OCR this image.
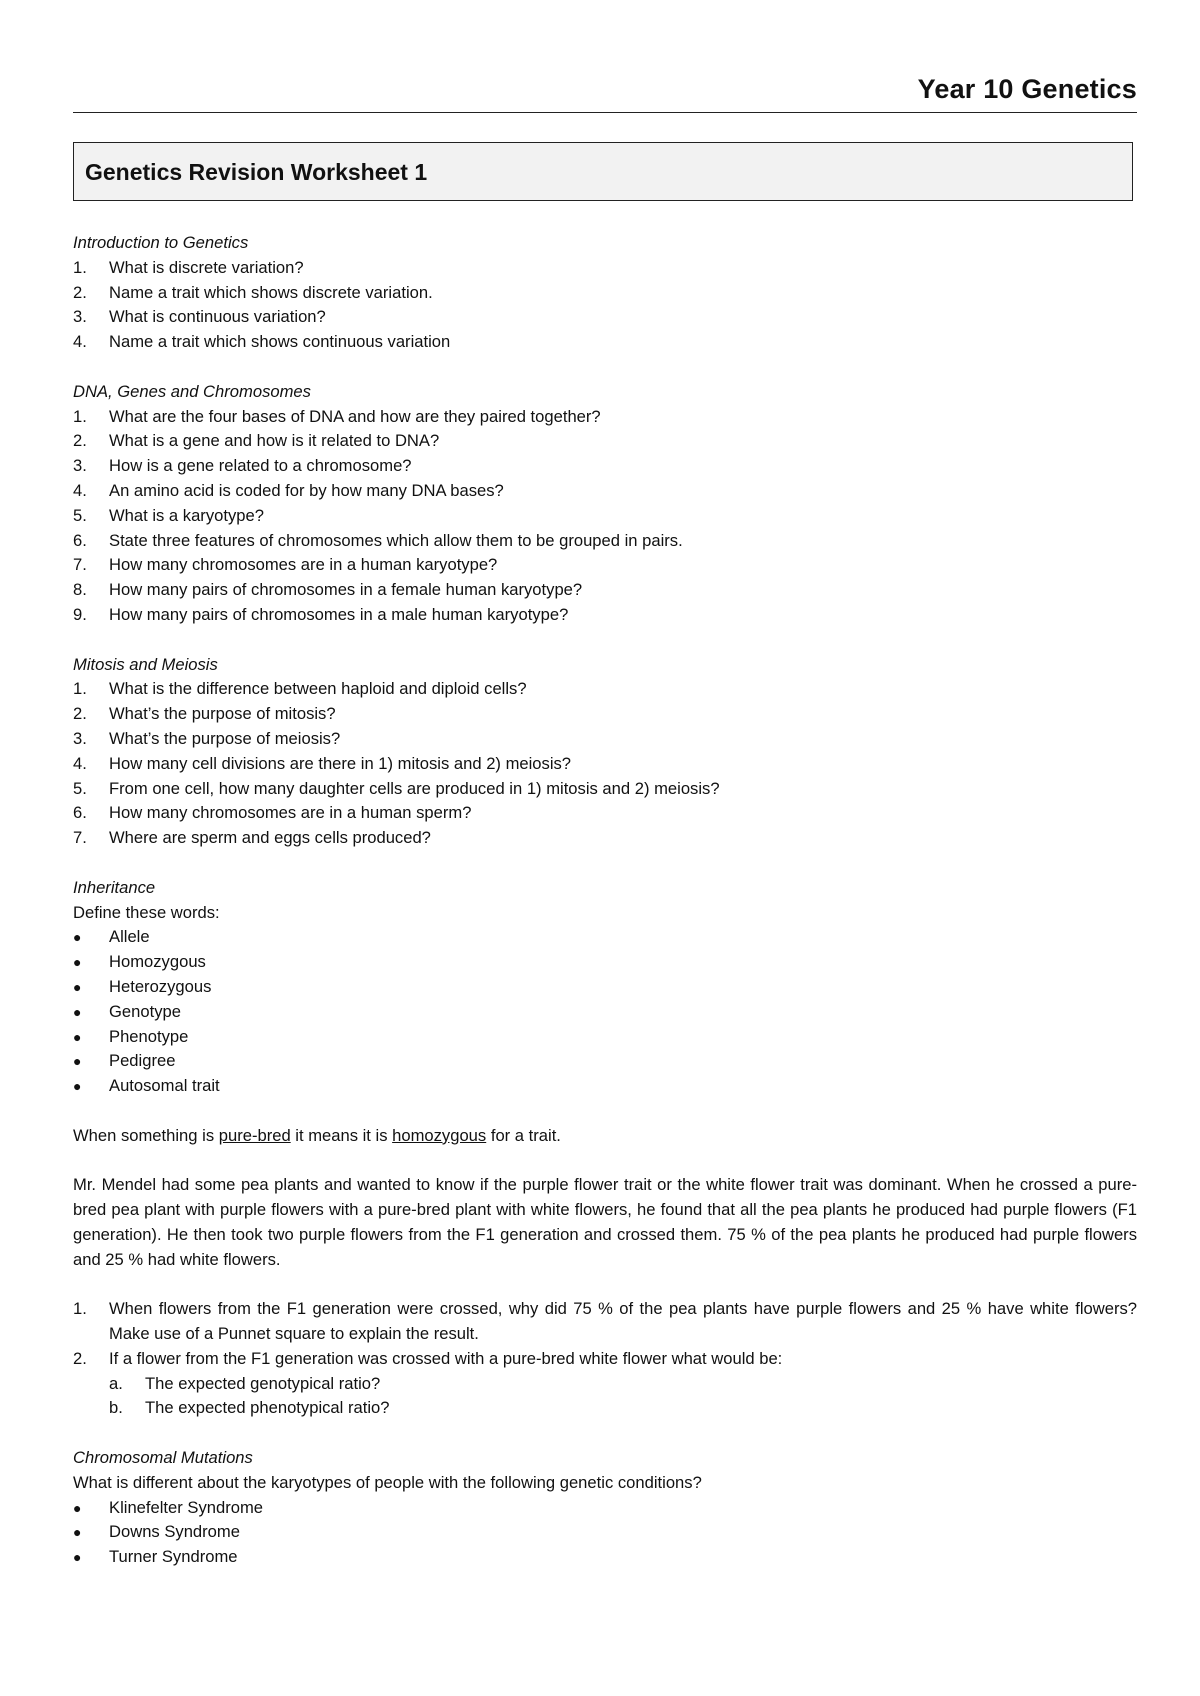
Year 10 Genetics
Genetics Revision Worksheet 1
Introduction to Genetics
1.	What is discrete variation?
2.	Name a trait which shows discrete variation.
3.	What is continuous variation?
4.	Name a trait which shows continuous variation
DNA, Genes and Chromosomes
1.	What are the four bases of DNA and how are they paired together?
2.	What is a gene and how is it related to DNA?
3.	How is a gene related to a chromosome?
4.	An amino acid is coded for by how many DNA bases?
5.	What is a karyotype?
6.	State three features of chromosomes which allow them to be grouped in pairs.
7.	How many chromosomes are in a human karyotype?
8.	How many pairs of chromosomes in a female human karyotype?
9.	How many pairs of chromosomes in a male human karyotype?
Mitosis and Meiosis
1.	What is the difference between haploid and diploid cells?
2.	What’s the purpose of mitosis?
3.	What’s the purpose of meiosis?
4.	How many cell divisions are there in 1) mitosis and 2) meiosis?
5.	From one cell, how many daughter cells are produced in 1) mitosis and 2) meiosis?
6.	How many chromosomes are in a human sperm?
7.	Where are sperm and eggs cells produced?
Inheritance
Define these words:
●	Allele
●	Homozygous
●	Heterozygous
●	Genotype
●	Phenotype
●	Pedigree
●	Autosomal trait
When something is pure-bred it means it is homozygous for a trait.
Mr. Mendel had some pea plants and wanted to know if the purple flower trait or the white flower trait was dominant. When he crossed a pure-bred pea plant with purple flowers with a pure-bred plant with white flowers, he found that all the pea plants he produced had purple flowers (F1 generation). He then took two purple flowers from the F1 generation and crossed them. 75 % of the pea plants he produced had purple flowers and 25 % had white flowers.
1.	When flowers from the F1 generation were crossed, why did 75 % of the pea plants have purple flowers and 25 % have white flowers? Make use of a Punnet square to explain the result.
2.	If a flower from the F1 generation was crossed with a pure-bred white flower what would be:
a.	The expected genotypical ratio?
b.	The expected phenotypical ratio?
Chromosomal Mutations
What is different about the karyotypes of people with the following genetic conditions?
●	Klinefelter Syndrome
●	Downs Syndrome
●	Turner Syndrome
